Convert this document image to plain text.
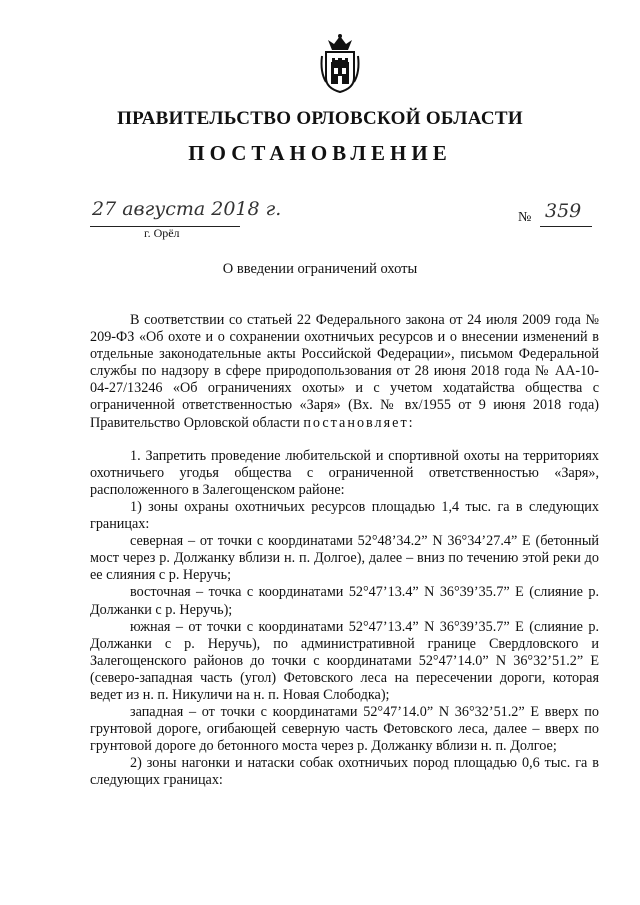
ПРАВИТЕЛЬСТВО ОРЛОВСКОЙ ОБЛАСТИ
ПОСТАНОВЛЕНИЕ
27 августа 2018 г.
г. Орёл
№ 359
О введении ограничений охоты

В соответствии со статьей 22 Федерального закона от 24 июля 2009 года № 209-ФЗ «Об охоте и о сохранении охотничьих ресурсов и о внесении изменений в отдельные законодательные акты Российской Федерации», письмом Федеральной службы по надзору в сфере природопользования от 28 июня 2018 года № АА-10-04-27/13246 «Об ограничениях охоты» и с учетом ходатайства общества с ограниченной ответственностью «Заря» (Вх. № вх/1955 от 9 июня 2018 года) Правительство Орловской области постановляет:

1. Запретить проведение любительской и спортивной охоты на территориях охотничьего угодья общества с ограниченной ответственностью «Заря», расположенного в Залегощенском районе:

1) зоны охраны охотничьих ресурсов площадью 1,4 тыс. га в следующих границах:

северная – от точки с координатами 52°48’34.2” N 36°34’27.4” E (бетонный мост через р. Должанку вблизи н. п. Долгое), далее – вниз по течению этой реки до ее слияния с р. Неручь;

восточная – точка с координатами 52°47’13.4” N 36°39’35.7” E (слияние р. Должанки с р. Неручь);

южная – от точки с координатами 52°47’13.4” N 36°39’35.7” E (слияние р. Должанки с р. Неручь), по административной границе Свердловского и Залегощенского районов до точки с координатами 52°47’14.0” N 36°32’51.2” E (северо-западная часть (угол) Фетовского леса на пересечении дороги, которая ведет из н. п. Никуличи на н. п. Новая Слободка);

западная – от точки с координатами 52°47’14.0” N 36°32’51.2” E вверх по грунтовой дороге, огибающей северную часть Фетовского леса, далее – вверх по грунтовой дороге до бетонного моста через р. Должанку вблизи н. п. Долгое;

2) зоны нагонки и натаски собак охотничьих пород площадью 0,6 тыс. га в следующих границах:
